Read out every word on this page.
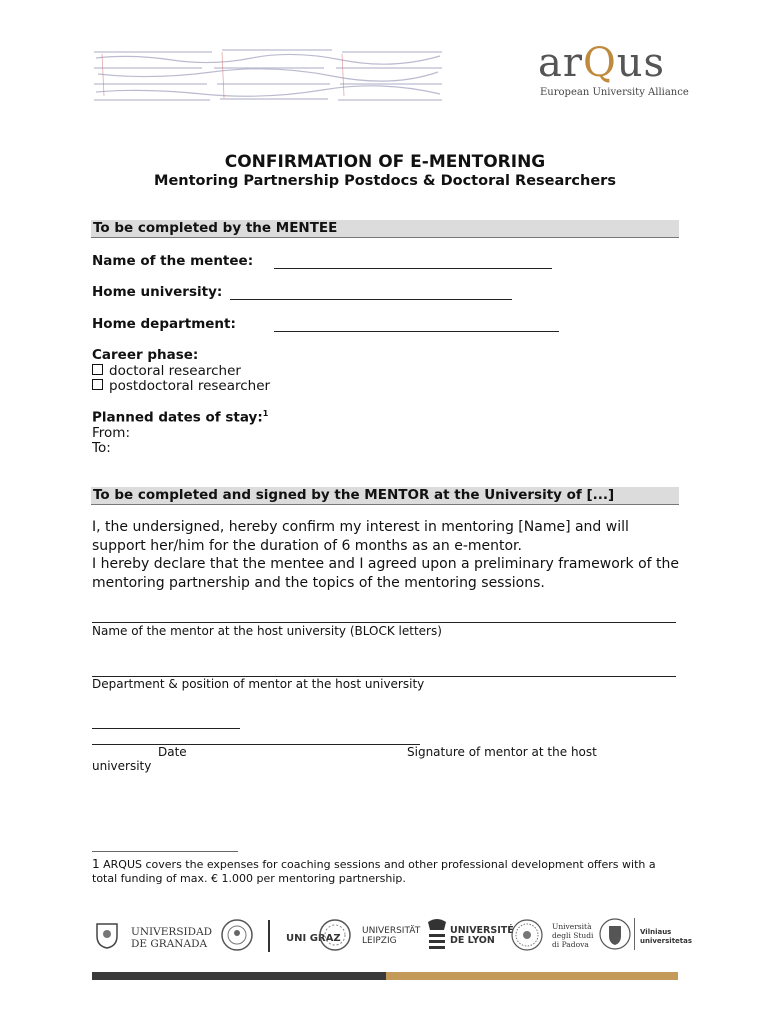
arQus
European University Alliance
CONFIRMATION OF E-MENTORING
Mentoring Partnership Postdocs & Doctoral Researchers
To be completed by the MENTEE
Name of the mentee:
Home university:
Home department:
Career phase:
doctoral researcher
postdoctoral researcher
Planned dates of stay:$^1$
From:
To:
To be completed and signed by the MENTOR at the University of [...]
I, the undersigned, hereby confirm my interest in mentoring [Name] and will support her/him for the duration of 6 months as an e-mentor.
I hereby declare that the mentee and I agreed upon a preliminary framework of the mentoring partnership and the topics of the mentoring sessions.
Name of the mentor at the host university (BLOCK letters)
Department & position of mentor at the host university
Date	Signature of mentor at the host
university
1 ARQUS covers the expenses for coaching sessions and other professional development offers with a total funding of max. € 1.000 per mentoring partnership.
UNIVERSIDAD
DE GRANADA	UNI GRAZ
UNIVERSITÄT
LEIPZIG
UNIVERSITÉ
DE LYON
Università
degli Studi
di Padova
Vilniaus
universitetas
